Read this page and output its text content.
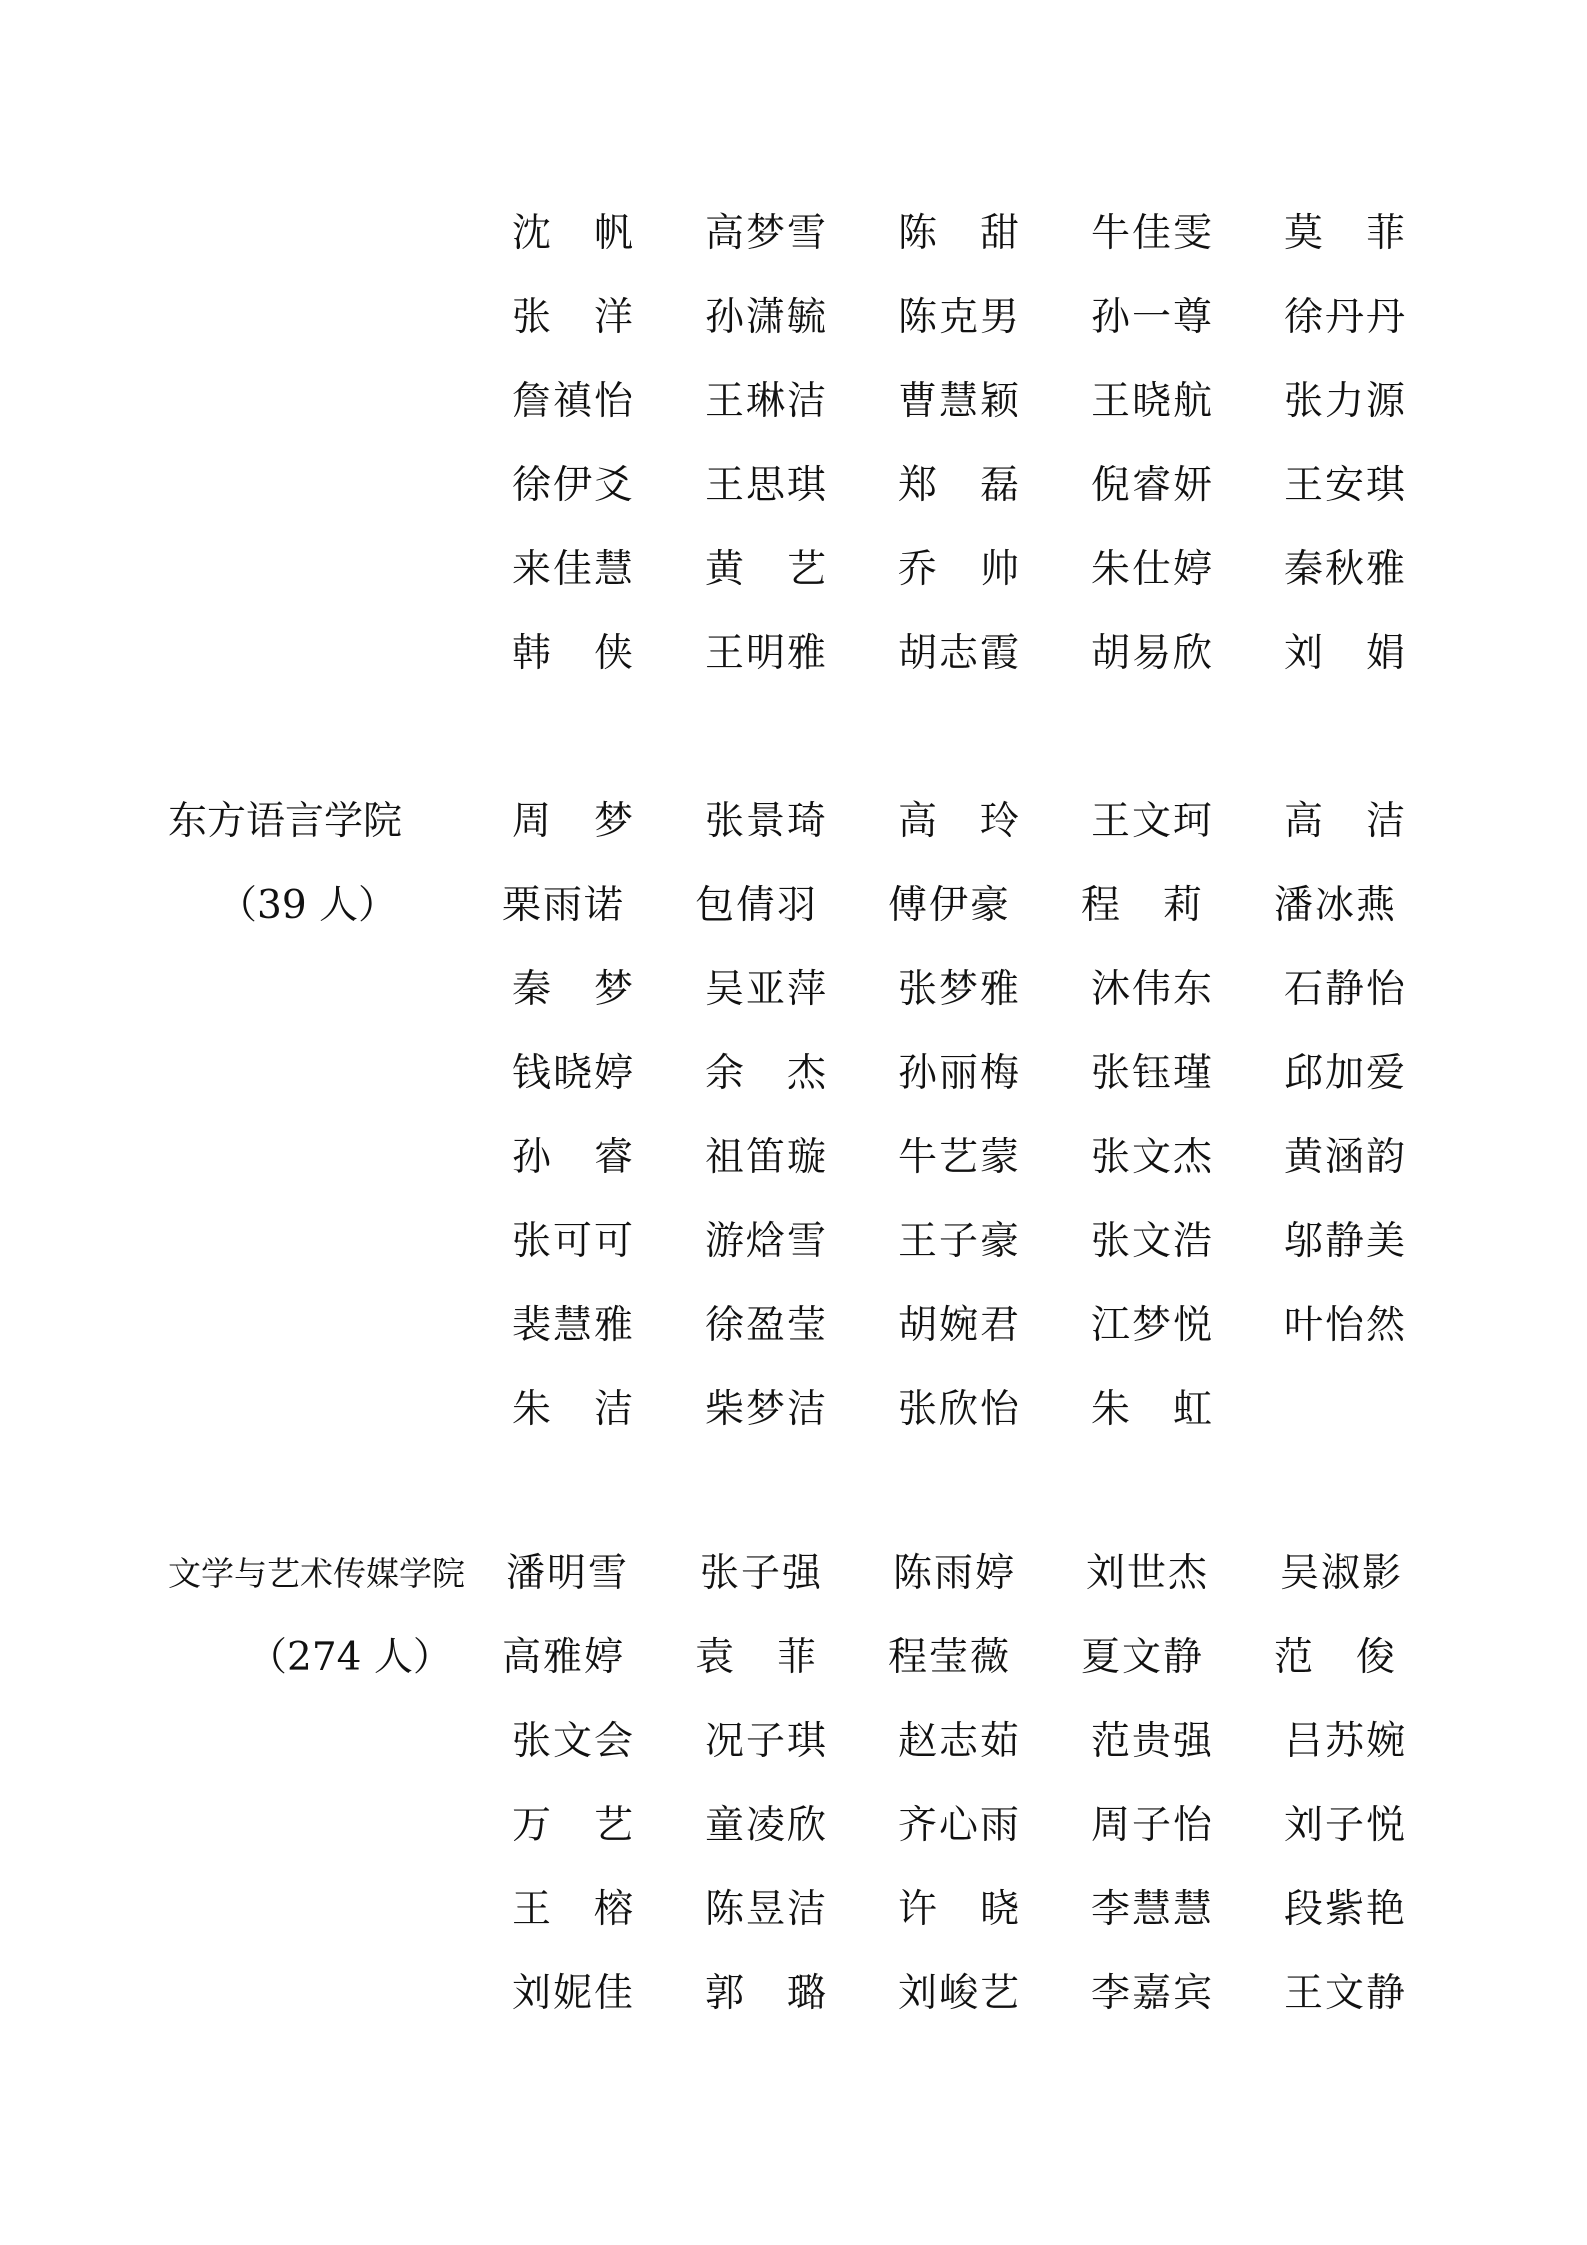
沈　帆 高梦雪 陈　甜 牛佳雯 莫　菲
张　洋 孙潇毓 陈克男 孙一尊 徐丹丹
詹禛怡 王琳洁 曹慧颖 王晓航 张力源
徐伊爻 王思琪 郑　磊 倪睿妍 王安琪
来佳慧 黄　艺 乔　帅 朱仕婷 秦秋雅
韩　侠 王明雅 胡志霞 胡易欣 刘　娟
东方语言学院
（39 人）
周　梦 张景琦 高　玲 王文珂 高　洁
栗雨诺 包倩羽 傅伊豪 程　莉 潘冰燕
秦　梦 吴亚萍 张梦雅 沐伟东 石静怡
钱晓婷 余　杰 孙丽梅 张钰瑾 邱加爱
孙　睿 祖笛璇 牛艺蒙 张文杰 黄涵韵
张可可 游焓雪 王子豪 张文浩 邬静美
裴慧雅 徐盈莹 胡婉君 江梦悦 叶怡然
朱　洁 柴梦洁 张欣怡 朱　虹
文学与艺术传媒学院
（274 人）
潘明雪 张子强 陈雨婷 刘世杰 吴淑影
高雅婷 袁　菲 程莹薇 夏文静 范　俊
张文会 况子琪 赵志茹 范贵强 吕苏婉
万　艺 童凌欣 齐心雨 周子怡 刘子悦
王　榕 陈昱洁 许　晓 李慧慧 段紫艳
刘妮佳 郭　璐 刘峻艺 李嘉宾 王文静
